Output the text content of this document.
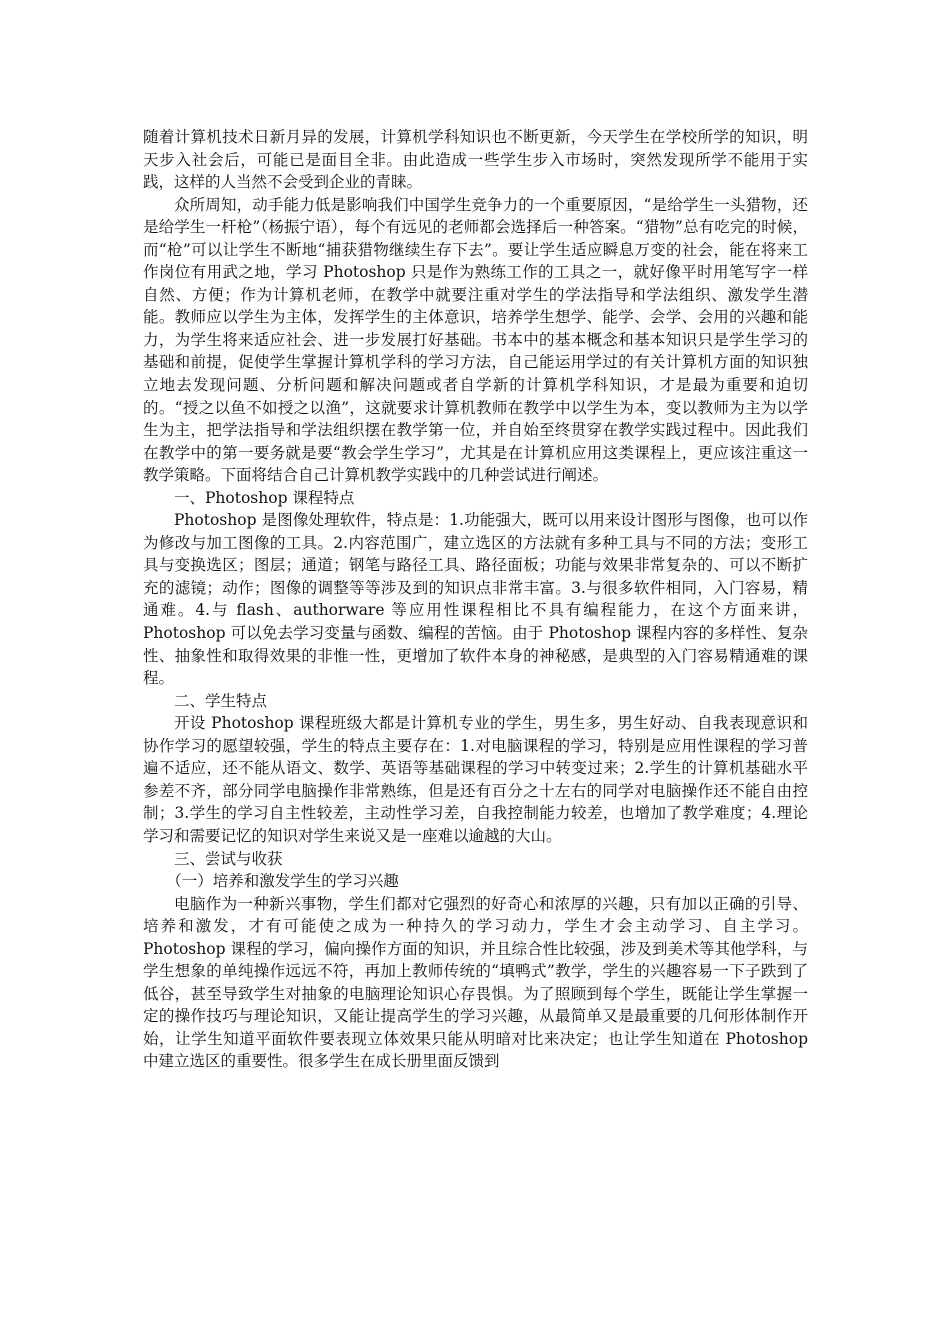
随着计算机技术日新月异的发展，计算机学科知识也不断更新，今天学生在学校所学的知识，明天步入社会后，可能已是面目全非。由此造成一些学生步入市场时，突然发现所学不能用于实践，这样的人当然不会受到企业的青睐。

众所周知，动手能力低是影响我们中国学生竞争力的一个重要原因，“是给学生一头猎物，还是给学生一杆枪”（杨振宁语），每个有远见的老师都会选择后一种答案。“猎物”总有吃完的时候，而“枪”可以让学生不断地“捕获猎物继续生存下去”。要让学生适应瞬息万变的社会，能在将来工作岗位有用武之地，学习 Photoshop 只是作为熟练工作的工具之一，就好像平时用笔写字一样自然、方便；作为计算机老师，在教学中就要注重对学生的学法指导和学法组织、激发学生潜能。教师应以学生为主体，发挥学生的主体意识，培养学生想学、能学、会学、会用的兴趣和能力，为学生将来适应社会、进一步发展打好基础。书本中的基本概念和基本知识只是学生学习的基础和前提，促使学生掌握计算机学科的学习方法，自己能运用学过的有关计算机方面的知识独立地去发现问题、分析问题和解决问题或者自学新的计算机学科知识，才是最为重要和迫切的。“授之以鱼不如授之以渔”，这就要求计算机教师在教学中以学生为本，变以教师为主为以学生为主，把学法指导和学法组织摆在教学第一位，并自始至终贯穿在教学实践过程中。因此我们在教学中的第一要务就是要“教会学生学习”，尤其是在计算机应用这类课程上，更应该注重这一教学策略。下面将结合自己计算机教学实践中的几种尝试进行阐述。

一、Photoshop 课程特点

Photoshop 是图像处理软件，特点是：1.功能强大，既可以用来设计图形与图像，也可以作为修改与加工图像的工具。2.内容范围广，建立选区的方法就有多种工具与不同的方法；变形工具与变换选区；图层；通道；钢笔与路径工具、路径面板；功能与效果非常复杂的、可以不断扩充的滤镜；动作；图像的调整等等涉及到的知识点非常丰富。3.与很多软件相同，入门容易，精通难。4.与 flash、authorware 等应用性课程相比不具有编程能力，在这个方面来讲，Photoshop 可以免去学习变量与函数、编程的苦恼。由于 Photoshop 课程内容的多样性、复杂性、抽象性和取得效果的非惟一性，更增加了软件本身的神秘感，是典型的入门容易精通难的课程。

二、学生特点

开设 Photoshop 课程班级大都是计算机专业的学生，男生多，男生好动、自我表现意识和协作学习的愿望较强，学生的特点主要存在：1.对电脑课程的学习，特别是应用性课程的学习普遍不适应，还不能从语文、数学、英语等基础课程的学习中转变过来；2.学生的计算机基础水平参差不齐，部分同学电脑操作非常熟练，但是还有百分之十左右的同学对电脑操作还不能自由控制；3.学生的学习自主性较差，主动性学习差，自我控制能力较差，也增加了教学难度；4.理论学习和需要记忆的知识对学生来说又是一座难以逾越的大山。

三、尝试与收获

（一）培养和激发学生的学习兴趣

电脑作为一种新兴事物，学生们都对它强烈的好奇心和浓厚的兴趣，只有加以正确的引导、培养和激发，才有可能使之成为一种持久的学习动力，学生才会主动学习、自主学习。Photoshop 课程的学习，偏向操作方面的知识，并且综合性比较强，涉及到美术等其他学科，与学生想象的单纯操作远远不符，再加上教师传统的“填鸭式”教学，学生的兴趣容易一下子跌到了低谷，甚至导致学生对抽象的电脑理论知识心存畏惧。为了照顾到每个学生，既能让学生掌握一定的操作技巧与理论知识，又能让提高学生的学习兴趣，从最简单又是最重要的几何形体制作开始，让学生知道平面软件要表现立体效果只能从明暗对比来决定；也让学生知道在 Photoshop 中建立选区的重要性。很多学生在成长册里面反馈到
